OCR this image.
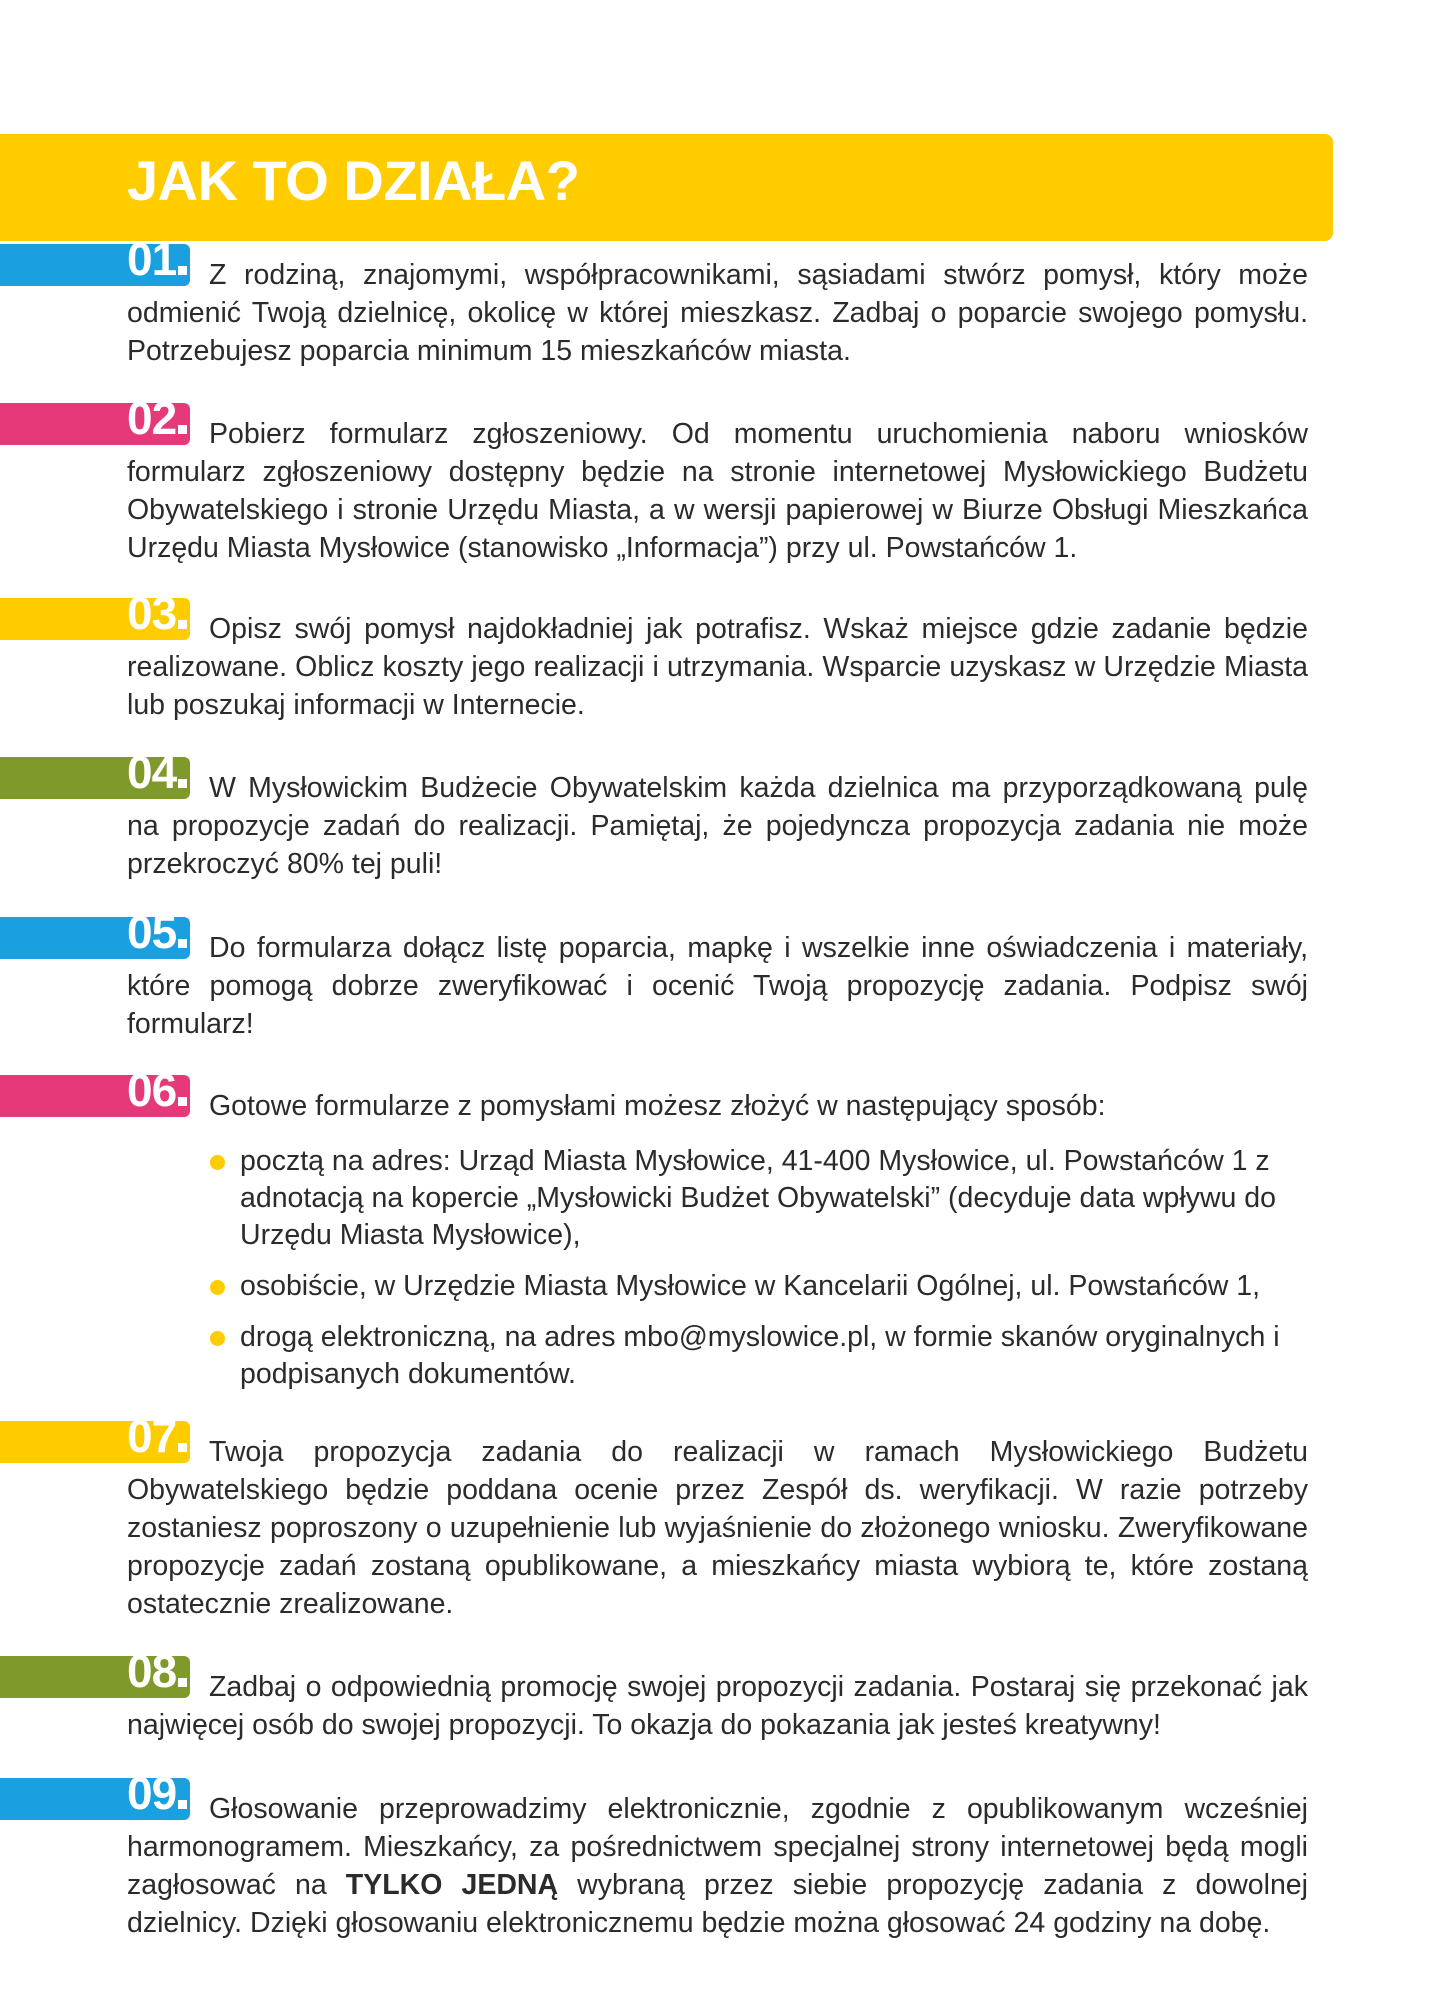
JAK TO DZIAŁA?
01	Z rodziną, znajomymi, współpracownikami, sąsiadami stwórz pomysł, który może odmienić Twoją dzielnicę, okolicę w której mieszkasz. Zadbaj o poparcie swojego pomysłu. Potrzebujesz poparcia minimum 15 mieszkańców miasta.

02	Pobierz formularz zgłoszeniowy. Od momentu uruchomienia naboru wniosków formularz zgłoszeniowy dostępny będzie na stronie internetowej Mysłowickiego Budżetu Obywatelskiego i stronie Urzędu Miasta, a w wersji papierowej w Biurze Obsługi Mieszkańca Urzędu Miasta Mysłowice (stanowisko „Informacja”) przy ul. Powstańców 1.

03	Opisz swój pomysł najdokładniej jak potrafisz. Wskaż miejsce gdzie zadanie będzie realizowane. Oblicz koszty jego realizacji i utrzymania. Wsparcie uzyskasz w Urzędzie Miasta lub poszukaj informacji w Internecie.

04	W Mysłowickim Budżecie Obywatelskim każda dzielnica ma przyporządkowaną pulę na propozycje zadań do realizacji. Pamiętaj, że pojedyncza propozycja zadania nie może przekroczyć 80% tej puli!

05	Do formularza dołącz listę poparcia, mapkę i wszelkie inne oświadczenia i materiały, które pomogą dobrze zweryfikować i ocenić Twoją propozycję zadania. Podpisz swój formularz!

06	Gotowe formularze z pomysłami możesz złożyć w następujący sposób:

pocztą na adres: Urząd Miasta Mysłowice, 41-400 Mysłowice, ul. Powstańców 1 z adnotacją na kopercie „Mysłowicki Budżet Obywatelski” (decyduje data wpływu do Urzędu Miasta Mysłowice),
osobiście, w Urzędzie Miasta Mysłowice w Kancelarii Ogólnej, ul. Powstańców 1,
drogą elektroniczną, na adres mbo@myslowice.pl, w formie skanów oryginalnych i podpisanych dokumentów.
07	Twoja propozycja zadania do realizacji w ramach Mysłowickiego Budżetu Obywatelskiego będzie poddana ocenie przez Zespół ds. weryfikacji. W razie potrzeby zostaniesz poproszony o uzupełnienie lub wyjaśnienie do złożonego wniosku. Zweryfikowane propozycje zadań zostaną opublikowane, a mieszkańcy miasta wybiorą te, które zostaną ostatecznie zrealizowane.

08	Zadbaj o odpowiednią promocję swojej propozycji zadania. Postaraj się przekonać jak najwięcej osób do swojej propozycji. To okazja do pokazania jak jesteś kreatywny!

09	Głosowanie przeprowadzimy elektronicznie, zgodnie z opublikowanym wcześniej harmonogramem. Mieszkańcy, za pośrednictwem specjalnej strony internetowej będą mogli zagłosować na TYLKO JEDNĄ wybraną przez siebie propozycję zadania z dowolnej dzielnicy. Dzięki głosowaniu elektronicznemu będzie można głosować 24 godziny na dobę.
